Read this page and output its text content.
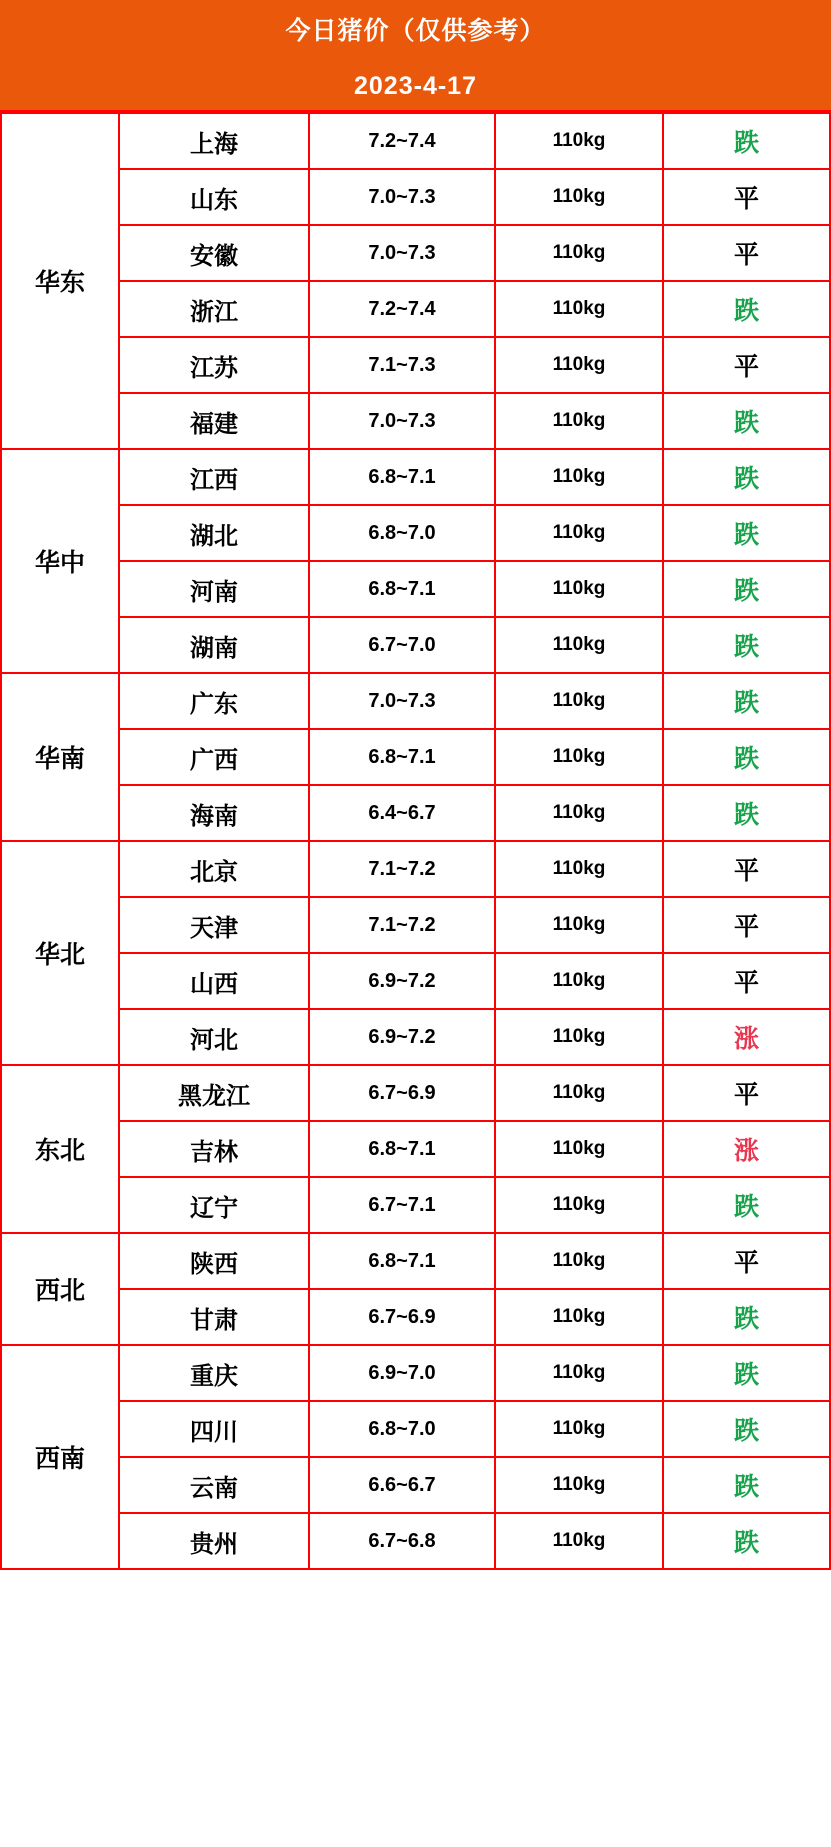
今日猪价（仅供参考）
2023-4-17
华东	上海	7.2~7.4	110kg	跌
	山东	7.0~7.3	110kg	平
	安徽	7.0~7.3	110kg	平
	浙江	7.2~7.4	110kg	跌
	江苏	7.1~7.3	110kg	平
	福建	7.0~7.3	110kg	跌
华中	江西	6.8~7.1	110kg	跌
	湖北	6.8~7.0	110kg	跌
	河南	6.8~7.1	110kg	跌
	湖南	6.7~7.0	110kg	跌
华南	广东	7.0~7.3	110kg	跌
	广西	6.8~7.1	110kg	跌
	海南	6.4~6.7	110kg	跌
华北	北京	7.1~7.2	110kg	平
	天津	7.1~7.2	110kg	平
	山西	6.9~7.2	110kg	平
	河北	6.9~7.2	110kg	涨
东北	黑龙江	6.7~6.9	110kg	平
	吉林	6.8~7.1	110kg	涨
	辽宁	6.7~7.1	110kg	跌
西北	陕西	6.8~7.1	110kg	平
	甘肃	6.7~6.9	110kg	跌
西南	重庆	6.9~7.0	110kg	跌
	四川	6.8~7.0	110kg	跌
	云南	6.6~6.7	110kg	跌
	贵州	6.7~6.8	110kg	跌
